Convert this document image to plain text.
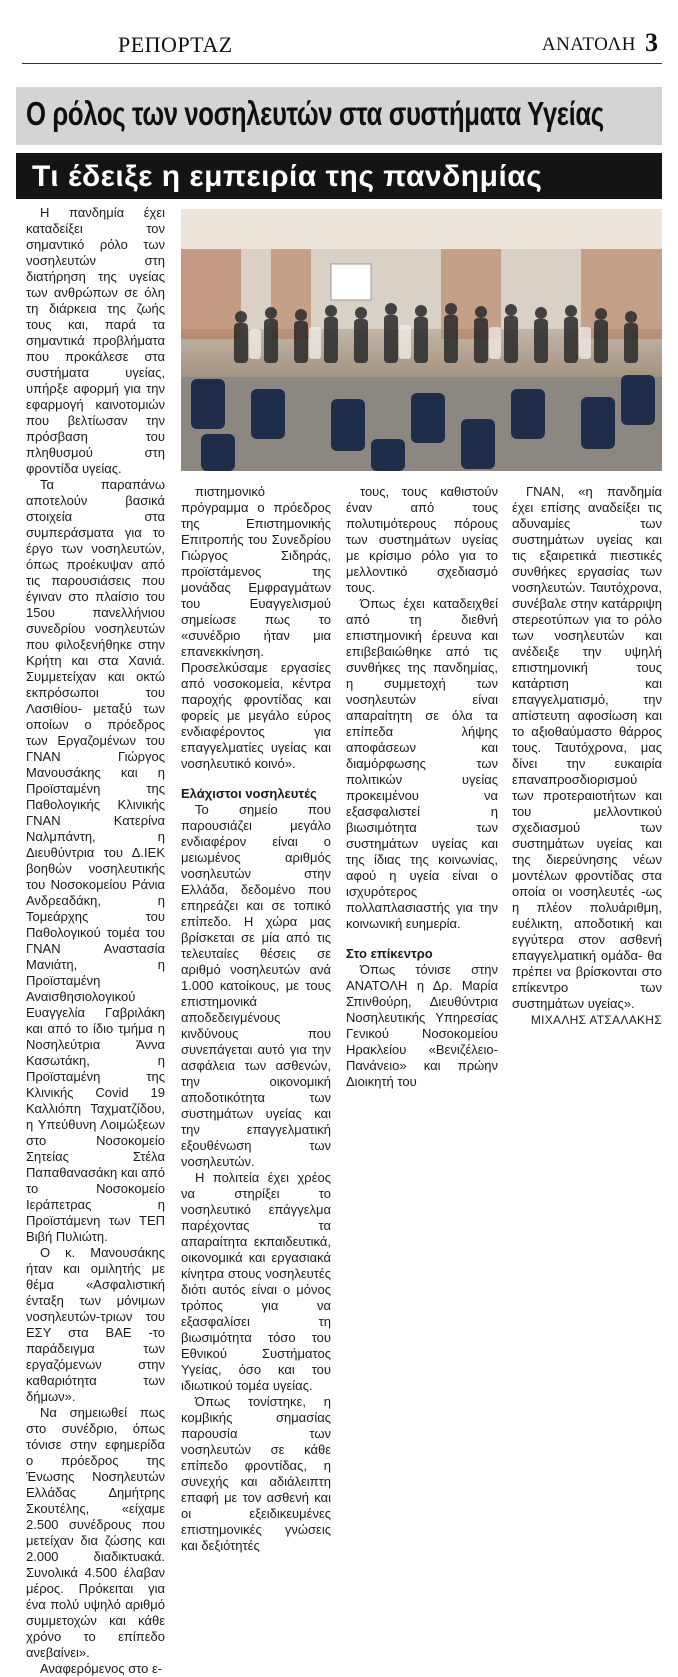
ΡΕΠΟΡΤΑΖ	ΑΝΑΤΟΛΗ 3
Ο ρόλος των νοσηλευτών στα συστήματα Υγείας
Τι έδειξε η εμπειρία της πανδημίας

Η πανδημία έχει καταδείξει τον σημαντικό ρόλο των νοσηλευτών στη διατήρηση της υγείας των ανθρώπων σε όλη τη διάρκεια της ζωής τους και, παρά τα σημαντικά προβλήματα που προκάλεσε στα συστήματα υγείας, υπήρξε αφορμή για την εφαρμογή καινοτομιών που βελτίωσαν την πρόσβαση του πληθυσμού στη φροντίδα υγείας.

Τα παραπάνω αποτελούν βασικά στοιχεία στα συμπεράσματα για το έργο των νοσηλευτών, όπως προέκυψαν από τις παρουσιάσεις που έγιναν στο πλαίσιο του 15ου πανελλήνιου συνεδρίου νοσηλευτών που φιλοξενήθηκε στην Κρήτη και στα Χανιά. Συμμετείχαν και οκτώ εκπρόσωποι του Λασιθίου- μεταξύ των οποίων ο πρόεδρος των Εργαζομένων του ΓΝΑΝ Γιώργος Μανουσάκης και η Προϊσταμένη της Παθολογικής Κλινικής ΓΝΑΝ Κατερίνα Ναλμπάντη, η Διευθύντρια του Δ.ΙΕΚ βοηθών νοσηλευτικής του Νοσοκομείου Ράνια Ανδρεαδάκη, η Τομεάρχης του Παθολογικού τομέα του ΓΝΑΝ Αναστασία Μανιάτη, η Προϊσταμένη Αναισθησιολογικού Ευαγγελία Γαβριλάκη και από το ίδιο τμήμα η Νοσηλεύτρια Άννα Κασωτάκη, η Προϊσταμένη της Κλινικής Covid 19 Καλλιόπη Ταχματζίδου, η Υπεύθυνη Λοιμώξεων στο Νοσοκομείο Σητείας Στέλα Παπαθανασάκη και από το Νοσοκομείο Ιεράπετρας η Προϊστάμενη των ΤΕΠ Βιβή Πυλιώτη.

Ο κ. Μανουσάκης ήταν και ομιλητής με θέμα «Ασφαλιστική ένταξη των μόνιμων νοσηλευτών-τριων του ΕΣΥ στα ΒΑΕ -το παράδειγμα των εργαζόμενων στην καθαριότητα των δήμων».

Να σημειωθεί πως στο συνέδριο, όπως τόνισε στην εφημερίδα ο πρόεδρος της Ένωσης Νοσηλευτών Ελλάδας Δημήτρης Σκουτέλης, «είχαμε 2.500 συνέδρους που μετείχαν δια ζώσης και 2.000 διαδικτυακά. Συνολικά 4.500 έλαβαν μέρος. Πρόκειται για ένα πολύ υψηλό αριθμό συμμετοχών και κάθε χρόνο το επίπεδο ανεβαίνει».

Αναφερόμενος στο ε-

πιστημονικό πρόγραμμα ο πρόεδρος της Επιστημονικής Επιτροπής του Συνεδρίου Γιώργος Σιδηράς, προϊστάμενος της μονάδας Εμφραγμάτων του Ευαγγελισμού σημείωσε πως το «συνέδριο ήταν μια επανεκκίνηση. Προσελκύσαμε εργασίες από νοσοκομεία, κέντρα παροχής φροντίδας και φορείς με μεγάλο εύρος ενδιαφέροντος για επαγγελματίες υγείας και νοσηλευτικό κοινό».

Ελάχιστοι νοσηλευτές

Το σημείο που παρουσιάζει μεγάλο ενδιαφέρον είναι ο μειωμένος αριθμός νοσηλευτών στην Ελλάδα, δεδομένο που επηρεάζει και σε τοπικό επίπεδο. Η χώρα μας βρίσκεται σε μία από τις τελευταίες θέσεις σε αριθμό νοσηλευτών ανά 1.000 κατοίκους, με τους επιστημονικά αποδεδειγμένους κινδύνους που συνεπάγεται αυτό για την ασφάλεια των ασθενών, την οικονομική αποδοτικότητα των συστημάτων υγείας και την επαγγελματική εξουθένωση των νοσηλευτών.

Η πολιτεία έχει χρέος να στηρίξει το νοσηλευτικό επάγγελμα παρέχοντας τα απαραίτητα εκπαιδευτικά, οικονομικά και εργασιακά κίνητρα στους νοσηλευτές διότι αυτός είναι ο μόνος τρόπος για να εξασφαλίσει τη βιωσιμότητα τόσο του Εθνικού Συστήματος Υγείας, όσο και του ιδιωτικού τομέα υγείας.

Όπως τονίστηκε, η κομβικής σημασίας παρουσία των νοσηλευτών σε κάθε επίπεδο φροντίδας, η συνεχής και αδιάλειπτη επαφή με τον ασθενή και οι εξειδικευμένες επιστημονικές γνώσεις και δεξιότητές

τους, τους καθιστούν έναν από τους πολυτιμότερους πόρους των συστημάτων υγείας με κρίσιμο ρόλο για το μελλοντικό σχεδιασμό τους.

Όπως έχει καταδειχθεί από τη διεθνή επιστημονική έρευνα και επιβεβαιώθηκε από τις συνθήκες της πανδημίας, η συμμετοχή των νοσηλευτών είναι απαραίτητη σε όλα τα επίπεδα λήψης αποφάσεων και διαμόρφωσης των πολιτικών υγείας προκειμένου να εξασφαλιστεί η βιωσιμότητα των συστημάτων υγείας και της ίδιας της κοινωνίας, αφού η υγεία είναι ο ισχυρότερος πολλαπλασιαστής για την κοινωνική ευημερία.

Στο επίκεντρο

Όπως τόνισε στην ΑΝΑΤΟΛΗ η Δρ. Μαρία Σπινθούρη, Διευθύντρια Νοσηλευτικής Υπηρεσίας Γενικού Νοσοκομείου Ηρακλείου «Βενιζέλειο-Πανάνειο» και πρώην Διοικητή του

ΓΝΑΝ, «η πανδημία έχει επίσης αναδείξει τις αδυναμίες των συστημάτων υγείας και τις εξαιρετικά πιεστικές συνθήκες εργασίας των νοσηλευτών. Ταυτόχρονα, συνέβαλε στην κατάρριψη στερεοτύπων για το ρόλο των νοσηλευτών και ανέδειξε την υψηλή επιστημονική τους κατάρτιση και επαγγελματισμό, την απίστευτη αφοσίωση και το αξιοθαύμαστο θάρρος τους. Ταυτόχρονα, μας δίνει την ευκαιρία επαναπροσδιορισμού των προτεραιοτήτων και του μελλοντικού σχεδιασμού των συστημάτων υγείας και της διερεύνησης νέων μοντέλων φροντίδας στα οποία οι νοσηλευτές -ως η πλέον πολυάριθμη, ευέλικτη, αποδοτική και εγγύτερα στον ασθενή επαγγελματική ομάδα- θα πρέπει να βρίσκονται στο επίκεντρο των συστημάτων υγείας».

ΜΙΧΑΛΗΣ ΑΤΣΑΛΑΚΗΣ
